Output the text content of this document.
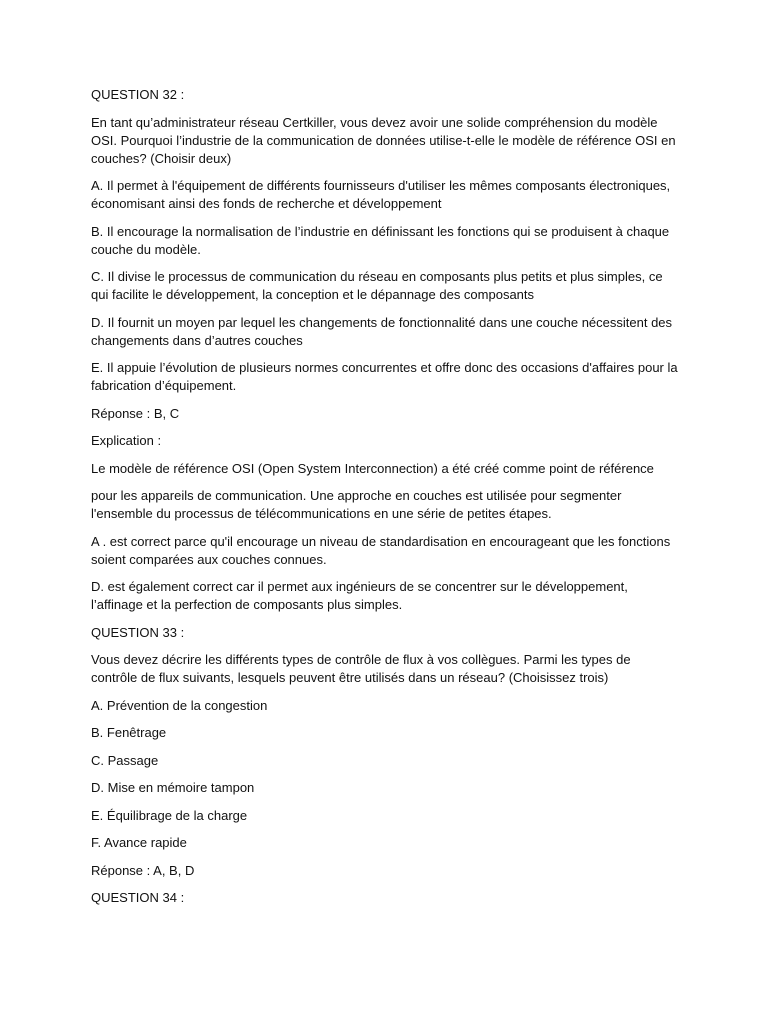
QUESTION 32 :

En tant qu’administrateur réseau Certkiller, vous devez avoir une solide compréhension du modèle OSI. Pourquoi l’industrie de la communication de données utilise-t-elle le modèle de référence OSI en couches? (Choisir deux)

A. Il permet à l'équipement de différents fournisseurs d'utiliser les mêmes composants électroniques, économisant ainsi des fonds de recherche et développement

B. Il encourage la normalisation de l’industrie en définissant les fonctions qui se produisent à chaque couche du modèle.

C. Il divise le processus de communication du réseau en composants plus petits et plus simples, ce qui facilite le développement, la conception et le dépannage des composants

D. Il fournit un moyen par lequel les changements de fonctionnalité dans une couche nécessitent des changements dans d’autres couches

E. Il appuie l’évolution de plusieurs normes concurrentes et offre donc des occasions d'affaires pour la fabrication d’équipement.

Réponse : B, C

Explication :

Le modèle de référence OSI (Open System Interconnection) a été créé comme point de référence

pour les appareils de communication. Une approche en couches est utilisée pour segmenter l'ensemble du processus de télécommunications en une série de petites étapes.

A . est correct parce qu'il encourage un niveau de standardisation en encourageant que les fonctions soient comparées aux couches connues.

D. est également correct car il permet aux ingénieurs de se concentrer sur le développement, l’affinage et la perfection de composants plus simples.

QUESTION 33 :

Vous devez décrire les différents types de contrôle de flux à vos collègues. Parmi les types de contrôle de flux suivants, lesquels peuvent être utilisés dans un réseau? (Choisissez trois)

A. Prévention de la congestion

B. Fenêtrage

C. Passage

D. Mise en mémoire tampon

E. Équilibrage de la charge

F. Avance rapide

Réponse : A, B, D

QUESTION 34 :
